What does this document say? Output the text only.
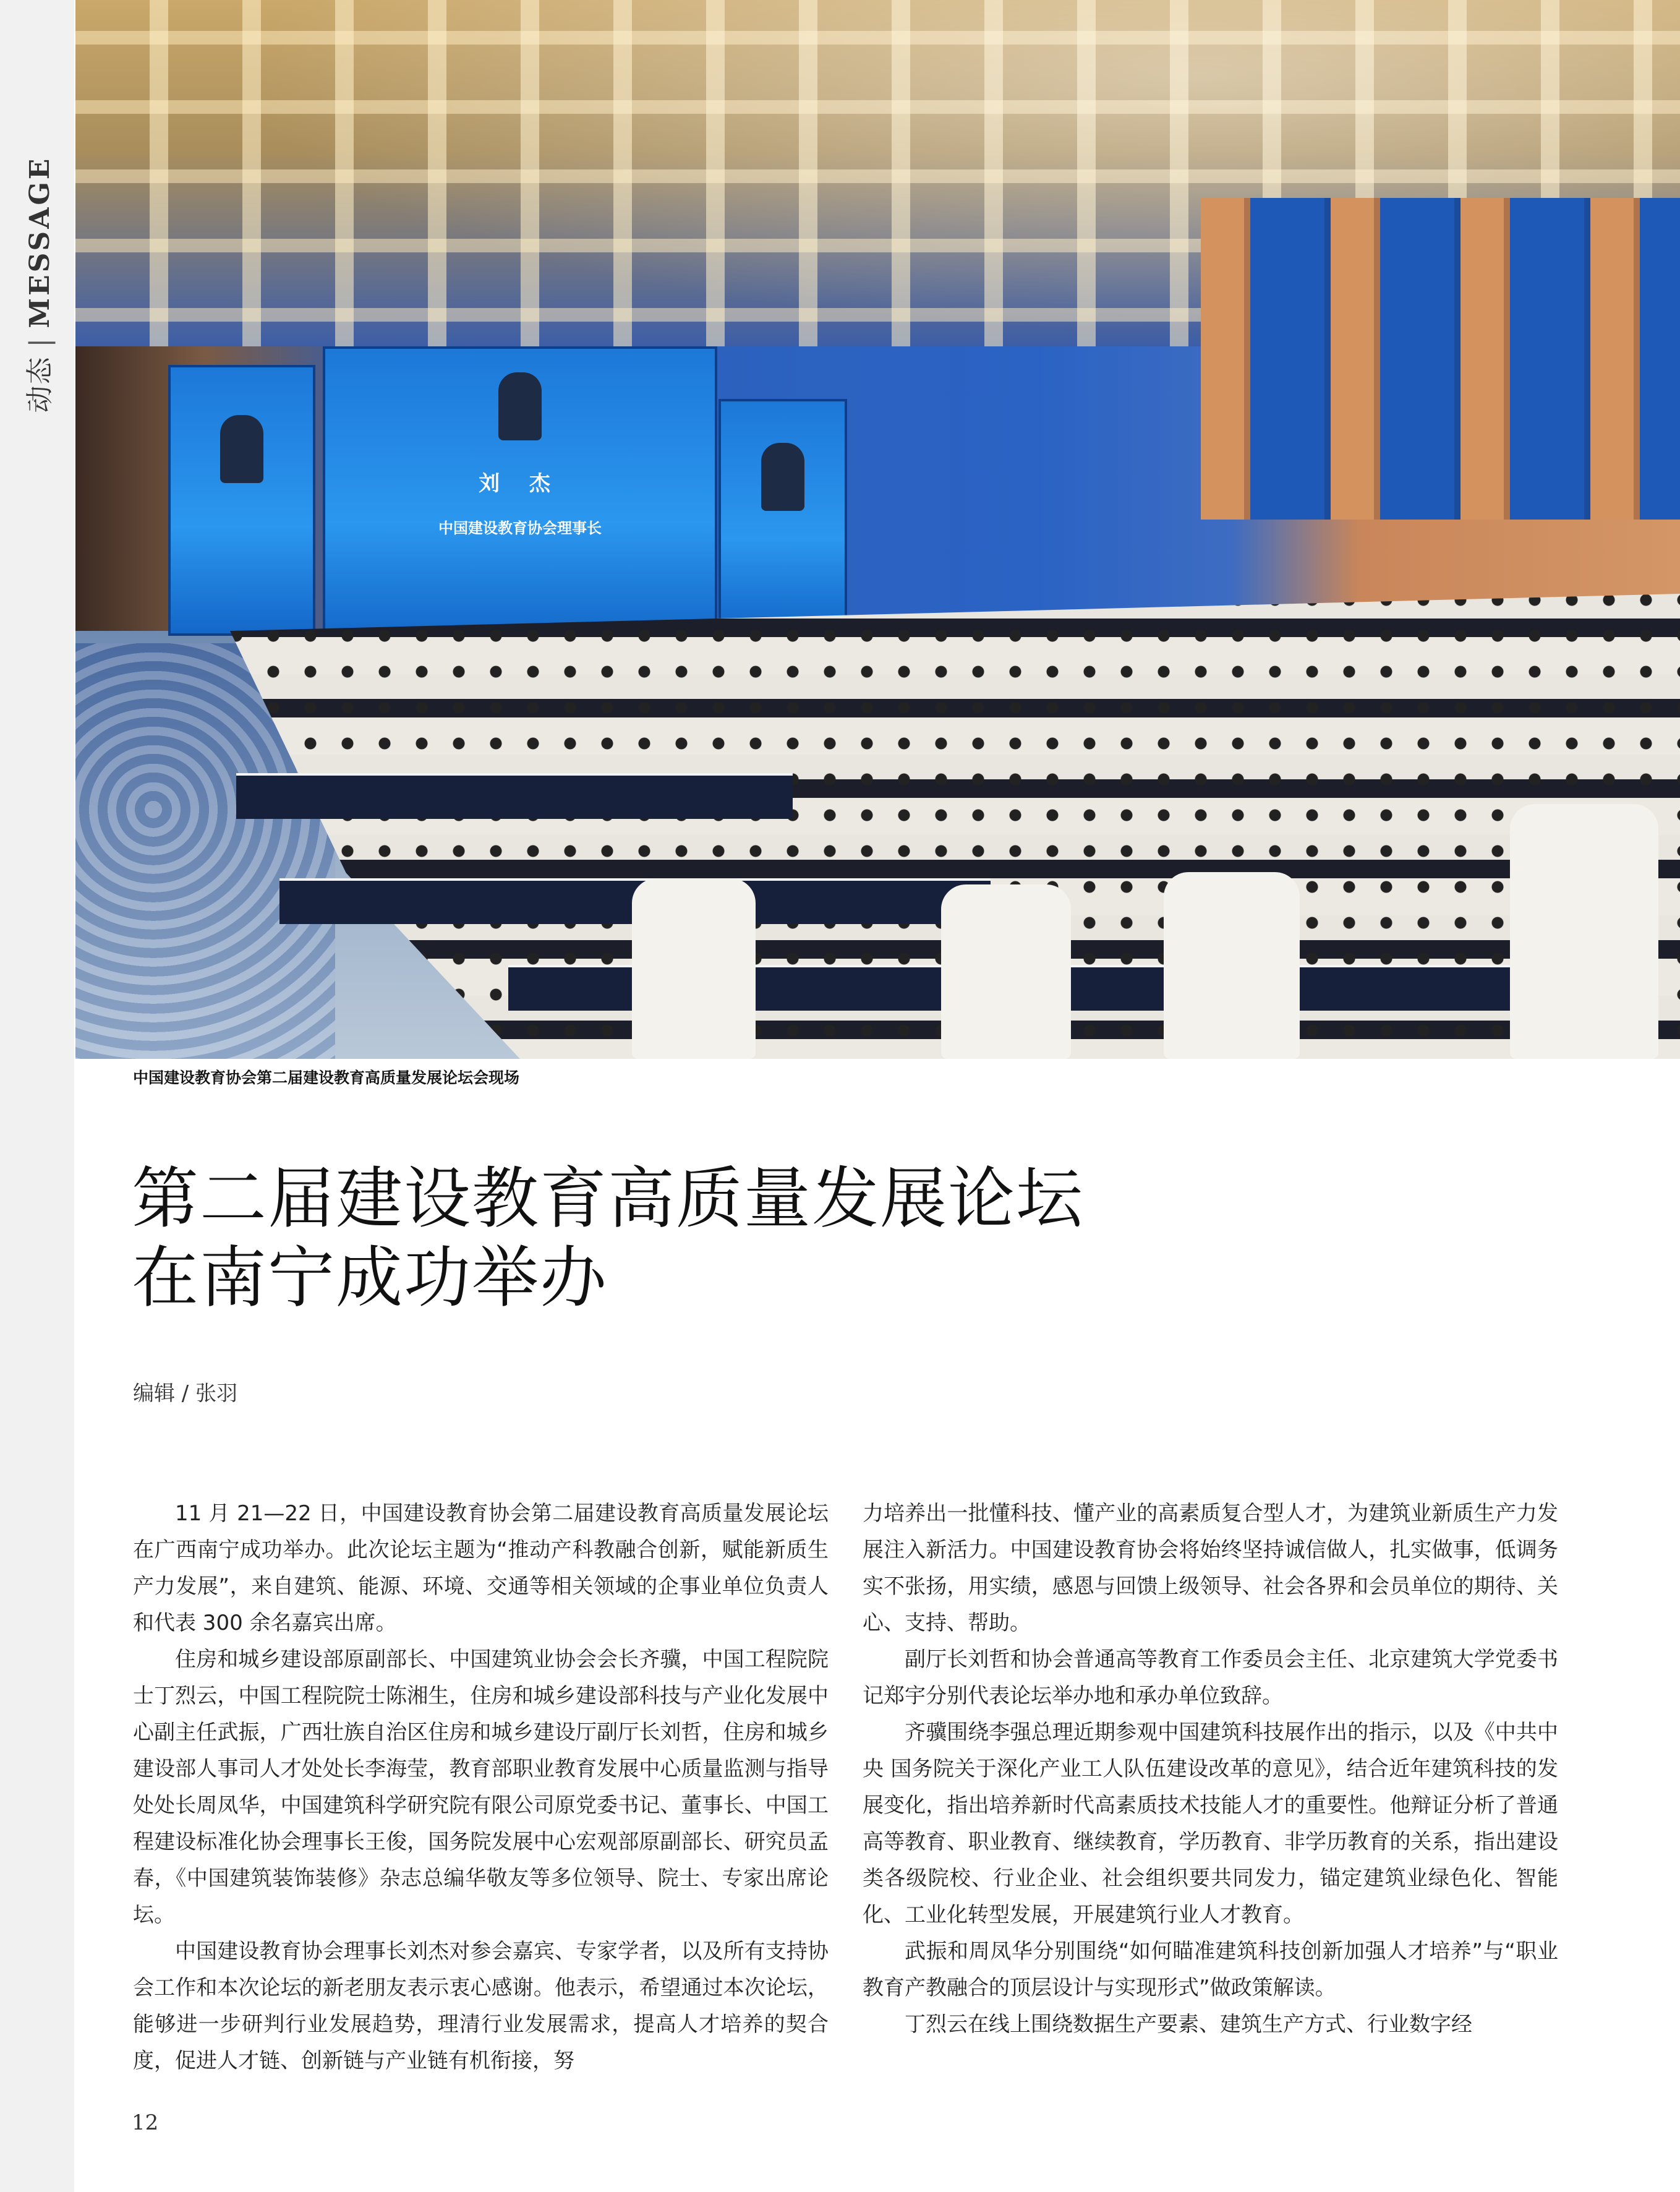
动态|MESSAGE
刘 杰
中国建设教育协会理事长
中国建设教育协会第二届建设教育高质量发展论坛会现场
第二届建设教育高质量发展论坛
在南宁成功举办
编辑 / 张羽

11 月 21—22 日，中国建设教育协会第二届建设教育高质量发展论坛在广西南宁成功举办。此次论坛主题为“推动产科教融合创新，赋能新质生产力发展”，来自建筑、能源、环境、交通等相关领域的企事业单位负责人和代表 300 余名嘉宾出席。

住房和城乡建设部原副部长、中国建筑业协会会长齐骥，中国工程院院士丁烈云，中国工程院院士陈湘生，住房和城乡建设部科技与产业化发展中心副主任武振，广西壮族自治区住房和城乡建设厅副厅长刘哲，住房和城乡建设部人事司人才处处长李海莹，教育部职业教育发展中心质量监测与指导处处长周凤华，中国建筑科学研究院有限公司原党委书记、董事长、中国工程建设标准化协会理事长王俊，国务院发展中心宏观部原副部长、研究员孟春，《中国建筑装饰装修》杂志总编华敬友等多位领导、院士、专家出席论坛。

中国建设教育协会理事长刘杰对参会嘉宾、专家学者，以及所有支持协会工作和本次论坛的新老朋友表示衷心感谢。他表示，希望通过本次论坛，能够进一步研判行业发展趋势，理清行业发展需求，提高人才培养的契合度，促进人才链、创新链与产业链有机衔接，努

力培养出一批懂科技、懂产业的高素质复合型人才，为建筑业新质生产力发展注入新活力。中国建设教育协会将始终坚持诚信做人，扎实做事，低调务实不张扬，用实绩，感恩与回馈上级领导、社会各界和会员单位的期待、关心、支持、帮助。

副厅长刘哲和协会普通高等教育工作委员会主任、北京建筑大学党委书记郑宇分别代表论坛举办地和承办单位致辞。

齐骥围绕李强总理近期参观中国建筑科技展作出的指示，以及《中共中央 国务院关于深化产业工人队伍建设改革的意见》，结合近年建筑科技的发展变化，指出培养新时代高素质技术技能人才的重要性。他辩证分析了普通高等教育、职业教育、继续教育，学历教育、非学历教育的关系，指出建设类各级院校、行业企业、社会组织要共同发力，锚定建筑业绿色化、智能化、工业化转型发展，开展建筑行业人才教育。

武振和周凤华分别围绕“如何瞄准建筑科技创新加强人才培养”与“职业教育产教融合的顶层设计与实现形式”做政策解读。

丁烈云在线上围绕数据生产要素、建筑生产方式、行业数字经

12
